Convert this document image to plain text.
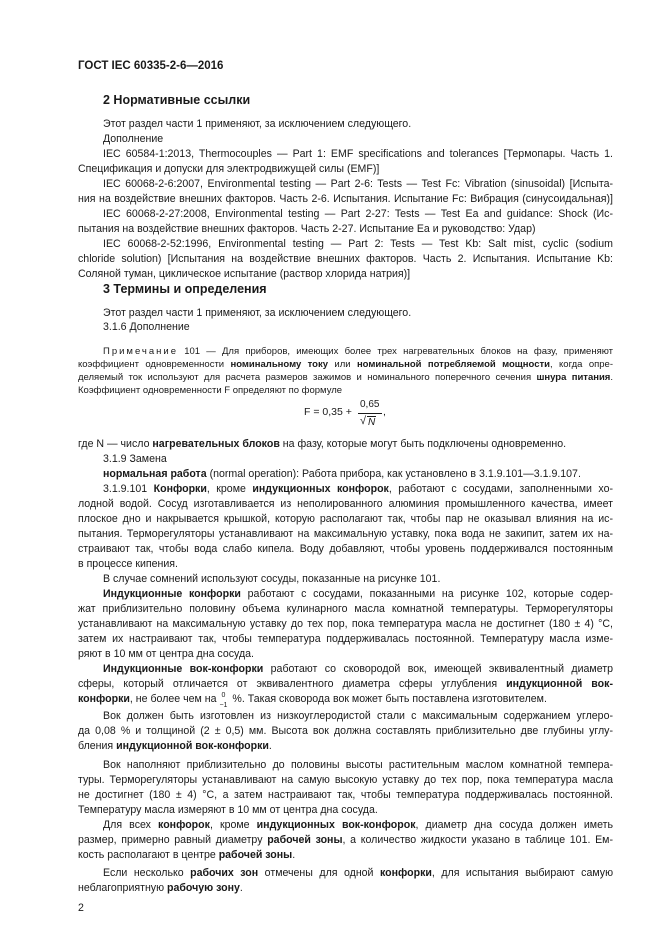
ГОСТ IEC 60335-2-6—2016
2 Нормативные ссылки
Этот раздел части 1 применяют, за исключением следующего.
Дополнение
IEC 60584-1:2013, Thermocouples — Part 1: EMF specifications and tolerances [Термопары. Часть 1.
Спецификация и допуски для электродвижущей силы (EMF)]
IEC 60068-2-6:2007, Environmental testing — Part 2-6: Tests — Test Fc: Vibration (sinusoidal) [Испыта-
ния на воздействие внешних факторов. Часть 2-6. Испытания. Испытание Fc: Вибрация (синусоидальная)]
IEC 60068-2-27:2008, Environmental testing — Part 2-27: Tests — Test Ea and guidance: Shock (Ис-
пытания на воздействие внешних факторов. Часть 2-27. Испытание Ea и руководство: Удар)
IEC 60068-2-52:1996, Environmental testing — Part 2: Tests — Test Kb: Salt mist, cyclic (sodium
chloride solution) [Испытания на воздействие внешних факторов. Часть 2. Испытания. Испытание Kb:
Соляной туман, циклическое испытание (раствор хлорида натрия)]
3 Термины и определения
Этот раздел части 1 применяют, за исключением следующего.
3.1.6 Дополнение
Примечание 101 — Для приборов, имеющих более трех нагревательных блоков на фазу, применяют
коэффициент одновременности номинальному току или номинальной потребляемой мощности, когда опре-
деляемый ток используют для расчета размеров зажимов и номинального поперечного сечения шнура питания.
Коэффициент одновременности F определяют по формуле
F = 0,35 +
0,65
√ N
,
где N — число нагревательных блоков на фазу, которые могут быть подключены одновременно.
3.1.9 Замена
нормальная работа (normal operation): Работа прибора, как установлено в 3.1.9.101—3.1.9.107.
3.1.9.101 Конфорки, кроме индукционных конфорок, работают с сосудами, заполненными хо-
лодной водой. Сосуд изготавливается из неполированного алюминия промышленного качества, имеет
плоское дно и накрывается крышкой, которую располагают так, чтобы пар не оказывал влияния на ис-
пытания. Терморегуляторы устанавливают на максимальную уставку, пока вода не закипит, затем их на-
страивают так, чтобы вода слабо кипела. Воду добавляют, чтобы уровень поддерживался постоянным
в процессе кипения.
В случае сомнений используют сосуды, показанные на рисунке 101.
Индукционные конфорки работают с сосудами, показанными на рисунке 102, которые содер-
жат приблизительно половину объема кулинарного масла комнатной температуры. Терморегуляторы
устанавливают на максимальную уставку до тех пор, пока температура масла не достигнет (180 ± 4) °С,
затем их настраивают так, чтобы температура поддерживалась постоянной. Температуру масла изме-
ряют в 10 мм от центра дна сосуда.
Индукционные вок-конфорки работают со сковородой вок, имеющей эквивалентный диаметр
сферы, который отличается от эквивалентного диаметра сферы углубления индукционной вок-
конфорки, не более чем на 0
−1
%. Такая сковорода вок может быть поставлена изготовителем.
Вок должен быть изготовлен из низкоуглеродистой стали с максимальным содержанием углеро-
да 0,08 % и толщиной (2 ± 0,5) мм. Высота вок должна составлять приблизительно две глубины углу-
бления индукционной вок-конфорки.
Вок наполняют приблизительно до половины высоты растительным маслом комнатной темпера-
туры. Терморегуляторы устанавливают на самую высокую уставку до тех пор, пока температура масла
не достигнет (180 ± 4) °С, а затем настраивают так, чтобы температура поддерживалась постоянной.
Температуру масла измеряют в 10 мм от центра дна сосуда.
Для всех конфорок, кроме индукционных вок-конфорок, диаметр дна сосуда должен иметь
размер, примерно равный диаметру рабочей зоны, а количество жидкости указано в таблице 101. Ем-
кость располагают в центре рабочей зоны.
Если несколько рабочих зон отмечены для одной конфорки, для испытания выбирают самую
неблагоприятную рабочую зону.
2
